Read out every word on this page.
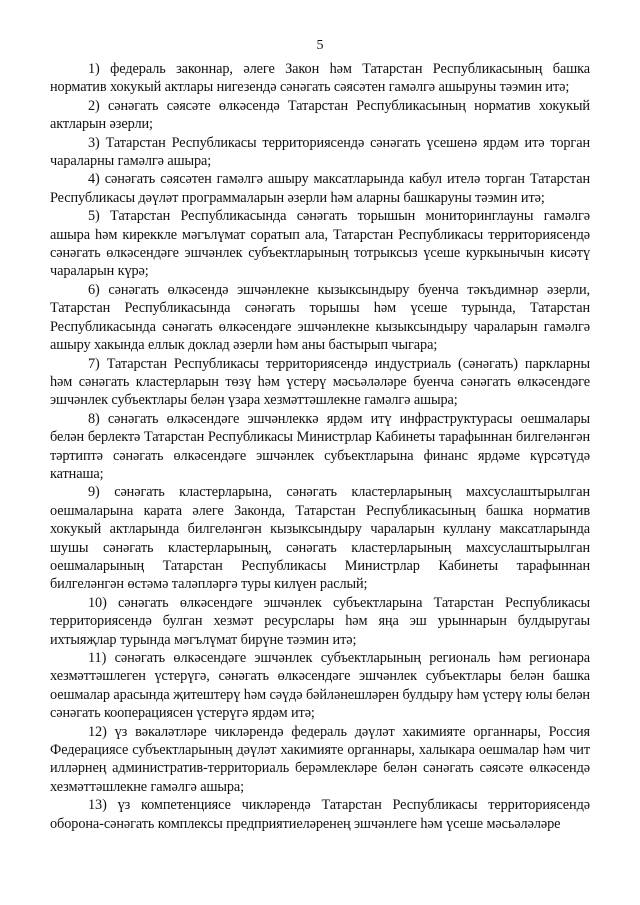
5

1) федераль законнар, әлеге Закон һәм Татарстан Республикасының башка норматив хокукый актлары нигезендә сәнәгать сәясәтен гамәлгә ашыруны тәэмин итә;

2) сәнәгать сәясәте өлкәсендә Татарстан Республикасының норматив хокукый актларын әзерли;

3) Татарстан Республикасы территориясендә сәнәгать үсешенә ярдәм итә торган чараларны гамәлгә ашыра;

4) сәнәгать сәясәтен гамәлгә ашыру максатларында кабул ителә торган Татарстан Республикасы дәүләт программаларын әзерли һәм аларны башкаруны тәэмин итә;

5) Татарстан Республикасында сәнәгать торышын мониторинглауны гамәлгә ашыра һәм киреккле мәгълүмат соратып ала, Татарстан Республикасы территориясендә сәнәгать өлкәсендәге эшчәнлек субъектларының тотрыксыз үсеше куркынычын кисәтү чараларын күрә;

6) сәнәгать өлкәсендә эшчәнлекне кызыксындыру буенча тәкъдимнәр әзерли, Татарстан Республикасында сәнәгать торышы һәм үсеше турында, Татарстан Республикасында сәнәгать өлкәсендәге эшчәнлекне кызыксындыру чараларын гамәлгә ашыру хакында еллык доклад әзерли һәм аны бастырып чыгара;

7) Татарстан Республикасы территориясендә индустриаль (сәнәгать) паркларны һәм сәнәгать кластерларын төзү һәм үстерү мәсьәләләре буенча сәнәгать өлкәсендәге эшчәнлек субъектлары белән үзара хезмәттәшлекне гамәлгә ашыра;

8) сәнәгать өлкәсендәге эшчәнлеккә ярдәм итү инфраструктурасы оешмалары белән берлектә Татарстан Республикасы Министрлар Кабинеты тарафыннан билгеләнгән тәртиптә сәнәгать өлкәсендәге эшчәнлек субъектларына финанс ярдәме күрсәтүдә катнаша;

9) сәнәгать кластерларына, сәнәгать кластерларының махсуслаштырылган оешмаларына карата әлеге Законда, Татарстан Республикасының башка норматив хокукый актларында билгеләнгән кызыксындыру чараларын куллану максатларында шушы сәнәгать кластерларының, сәнәгать кластерларының махсуслаштырылган оешмаларының Татарстан Республикасы Министрлар Кабинеты тарафыннан билгеләнгән өстәмә таләпләргә туры килүен раслый;

10) сәнәгать өлкәсендәге эшчәнлек субъектларына Татарстан Республикасы территориясендә булган хезмәт ресурслары һәм яңа эш урыннарын булдыругаы ихтыяҗлар турында мәгълүмат бирүне тәэмин итә;

11) сәнәгать өлкәсендәге эшчәнлек субъектларының региональ һәм регионара хезмәттәшлеген үстерүгә, сәнәгать өлкәсендәге эшчәнлек субъектлары белән башка оешмалар арасында җитештерү һәм сәүдә бәйләнешләрен булдыру һәм үстерү юлы белән сәнәгать кооперациясен үстерүгә ярдәм итә;

12) үз вәкаләтләре чикләрендә федераль дәүләт хакимияте органнары, Россия Федерациясе субъектларының дәүләт хакимияте органнары, халыкара оешмалар һәм чит илләрнең административ-территориаль берәмлекләре белән сәнәгать сәясәте өлкәсендә хезмәттәшлекне гамәлгә ашыра;

13) үз компетенциясе чикләрендә Татарстан Республикасы территориясендә оборона-сәнәгать комплексы предприятиеләренең эшчәнлеге һәм үсеше мәсьәләләре
